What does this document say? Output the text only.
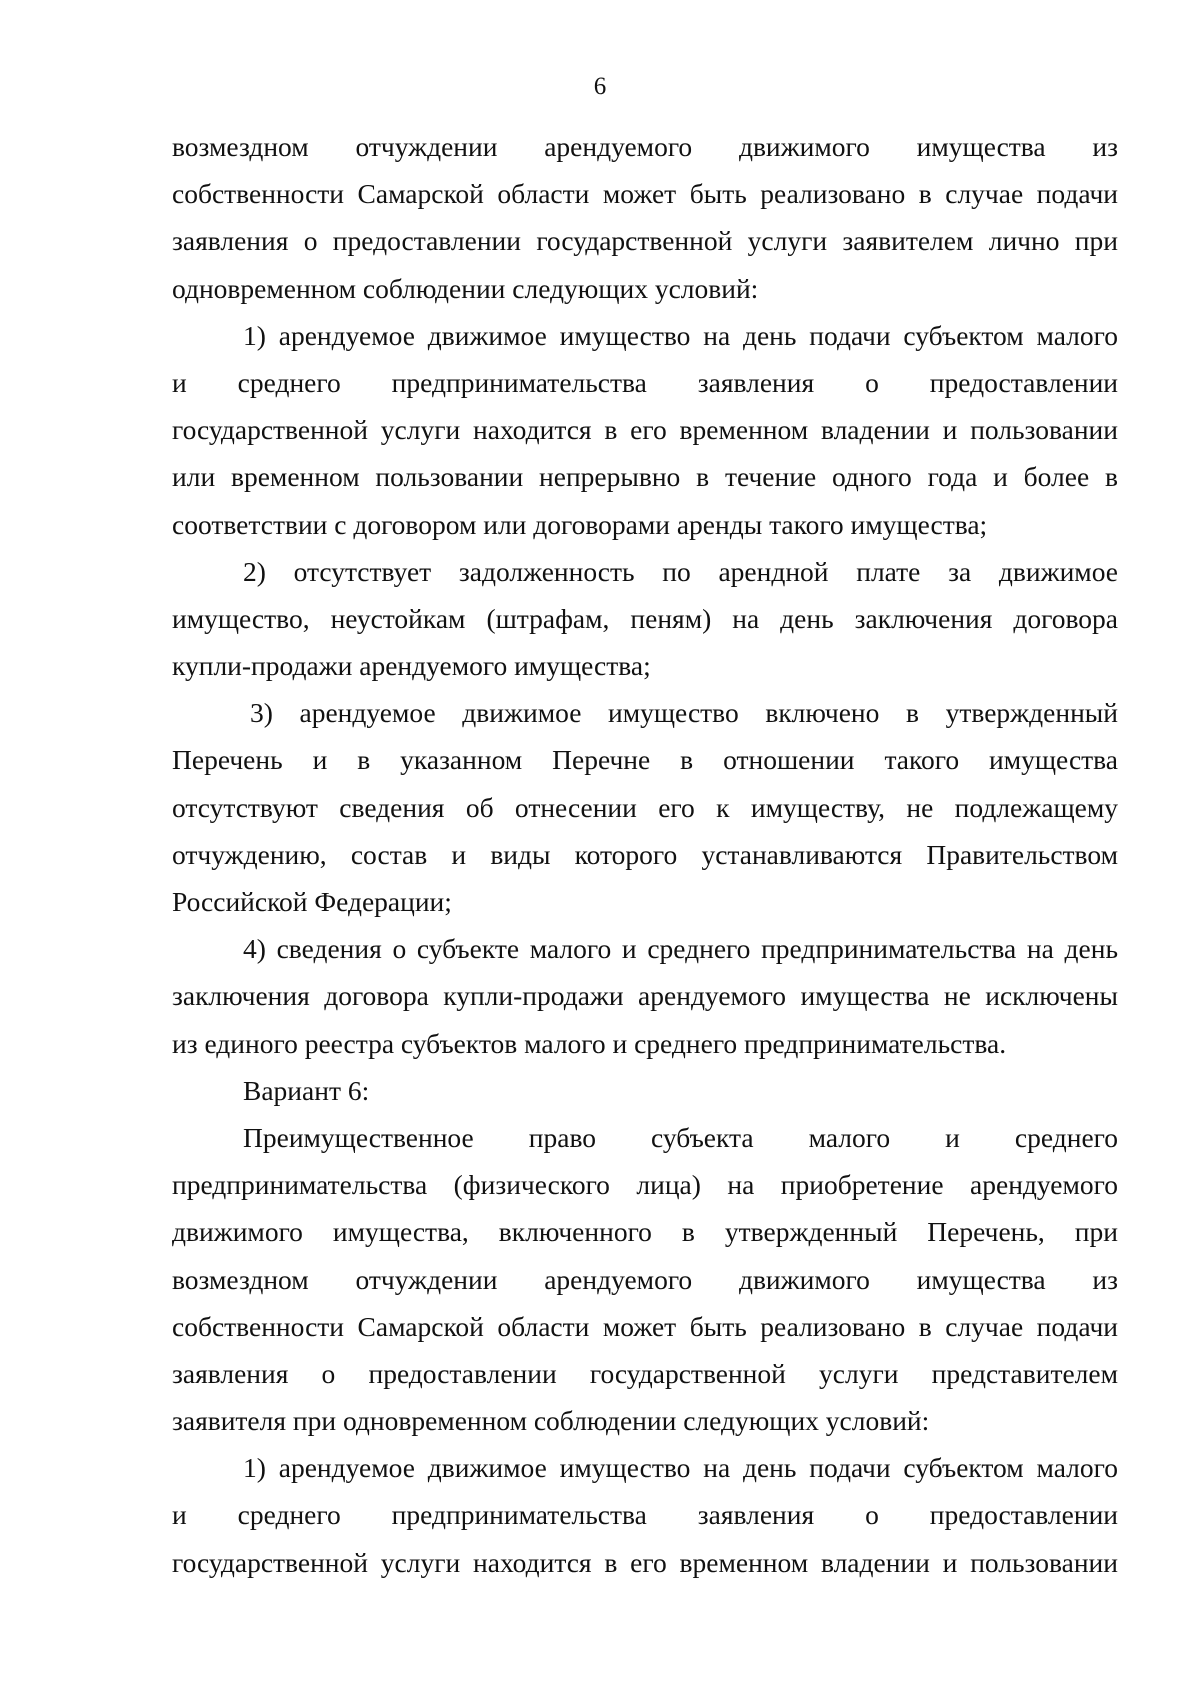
6
возмездном отчуждении арендуемого движимого имущества из
собственности Самарской области может быть реализовано в случае подачи
заявления о предоставлении государственной услуги заявителем лично при
одновременном соблюдении следующих условий:
1) арендуемое движимое имущество на день подачи субъектом малого
и среднего предпринимательства заявления о предоставлении
государственной услуги находится в его временном владении и пользовании
или временном пользовании непрерывно в течение одного года и более в
соответствии с договором или договорами аренды такого имущества;
2) отсутствует задолженность по арендной плате за движимое
имущество, неустойкам (штрафам, пеням) на день заключения договора
купли-продажи арендуемого имущества;
3) арендуемое движимое имущество включено в утвержденный
Перечень и в указанном Перечне в отношении такого имущества
отсутствуют сведения об отнесении его к имуществу, не подлежащему
отчуждению, состав и виды которого устанавливаются Правительством
Российской Федерации;
4) сведения о субъекте малого и среднего предпринимательства на день
заключения договора купли-продажи арендуемого имущества не исключены
из единого реестра субъектов малого и среднего предпринимательства.
Вариант 6:
Преимущественное право субъекта малого и среднего
предпринимательства (физического лица) на приобретение арендуемого
движимого имущества, включенного в утвержденный Перечень, при
возмездном отчуждении арендуемого движимого имущества из
собственности Самарской области может быть реализовано в случае подачи
заявления о предоставлении государственной услуги представителем
заявителя при одновременном соблюдении следующих условий:
1) арендуемое движимое имущество на день подачи субъектом малого
и среднего предпринимательства заявления о предоставлении
государственной услуги находится в его временном владении и пользовании
